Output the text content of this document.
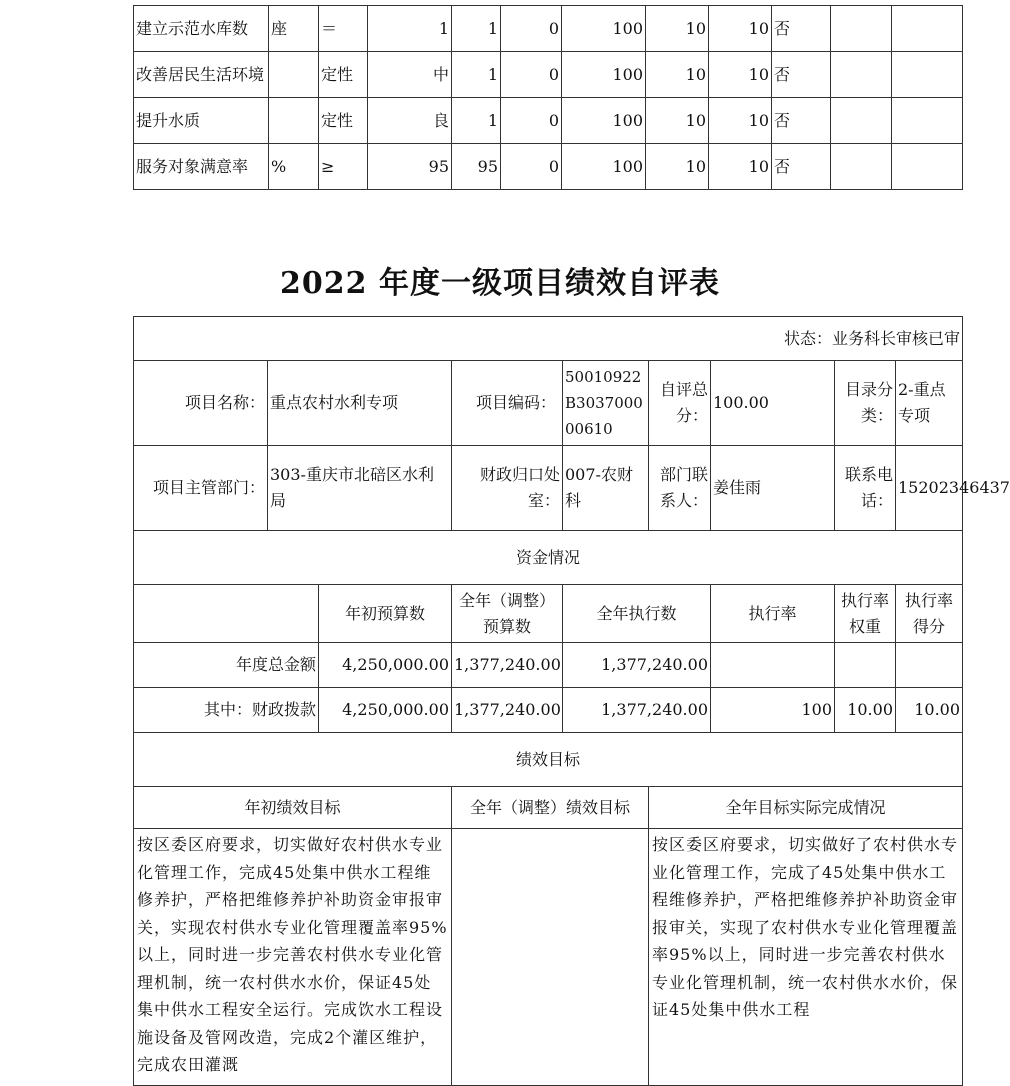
建立示范水库数	座	＝	1	1	0	100	10	10	否		
改善居民生活环境		定性	中	1	0	100	10	10	否		
提升水质		定性	良	1	0	100	10	10	否		
服务对象满意率	%	≥	95	95	0	100	10	10	否		
2022 年度一级项目绩效自评表
状态：业务科长审核已审								
项目名称：	重点农村水利专项		项目编码：	50010922B303700000610	自评总分：	100.00	目录分类：	2-重点专项
项目主管部门：	303-重庆市北碚区水利局		财政归口处室：	007-农财科	部门联系人：	姜佳雨	联系电话：	15202346437
资金情况								
		年初预算数	全年（调整）预算数	全年执行数		执行率	执行率权重	执行率得分
年度总金额		4,250,000.00	1,377,240.00	1,377,240.00				
其中：财政拨款		4,250,000.00	1,377,240.00	1,377,240.00		100	10.00	10.00
绩效目标								
年初绩效目标			全年（调整）绩效目标		全年目标实际完成情况			
按区委区府要求，切实做好农村供水专业化管理工作，完成45处集中供水工程维修养护，严格把维修养护补助资金审报审关，实现农村供水专业化管理覆盖率95%以上，同时进一步完善农村供水专业化管理机制，统一农村供水水价，保证45处集中供水工程安全运行。完成饮水工程设施设备及管网改造，完成2个灌区维护，完成农田灌溉					按区委区府要求，切实做好了农村供水专业化管理工作，完成了45处集中供水工程维修养护，严格把维修养护补助资金审报审关，实现了农村供水专业化管理覆盖率95%以上，同时进一步完善农村供水专业化管理机制，统一农村供水水价，保证45处集中供水工程			
